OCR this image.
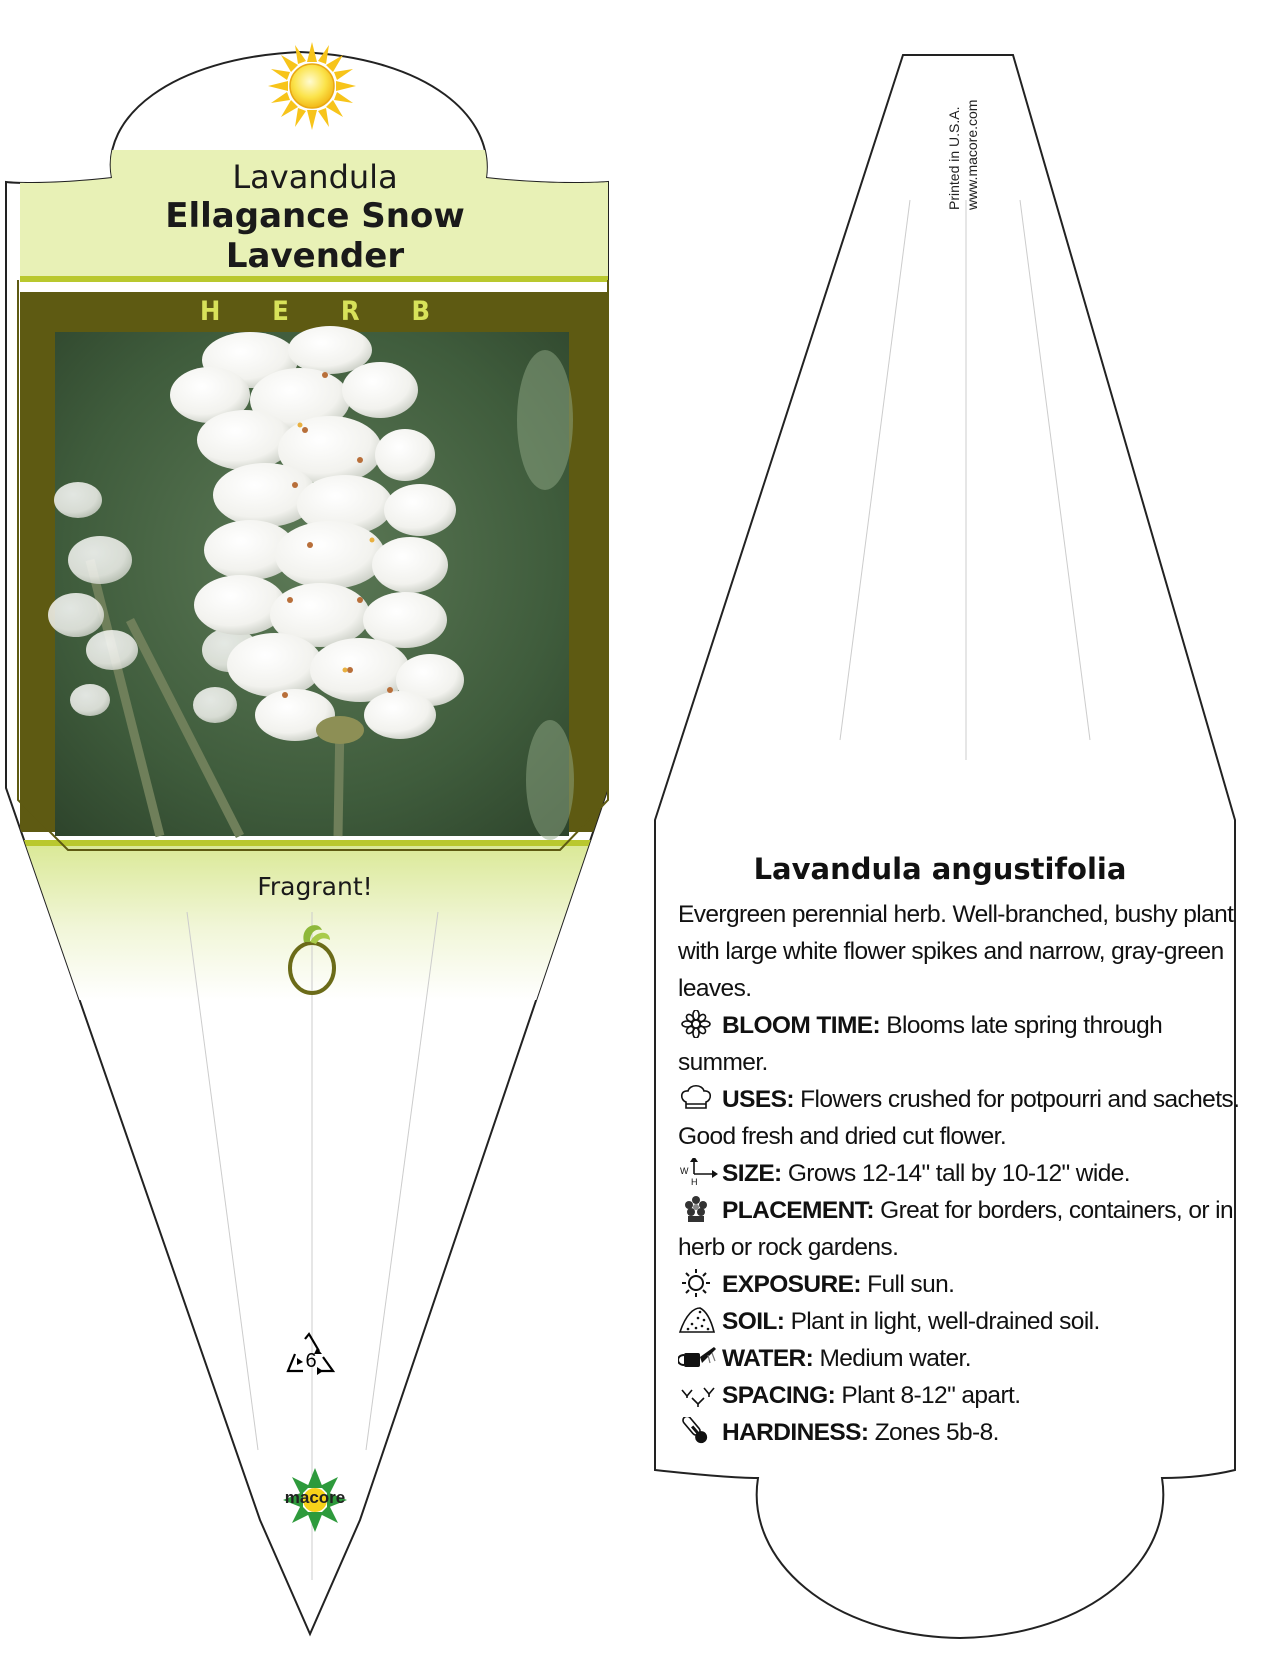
Lavandula
Ellagance Snow
Lavender
H E R B
Fragrant!
6
macore
Printed in U.S.A. www.macore.com
Lavandula angustifolia

Evergreen perennial herb. Well-branched, bushy plant with large white flower spikes and narrow, gray-green leaves.

BLOOM TIME: Blooms late spring through summer.

USES: Flowers crushed for potpourri and sachets. Good fresh and dried cut flower.

W
H SIZE: Grows 12-14" tall by 10-12" wide.

PLACEMENT: Great for borders, containers, or in herb or rock gardens.

EXPOSURE: Full sun.

SOIL: Plant in light, well-drained soil.

WATER: Medium water.

SPACING: Plant 8-12" apart.

HARDINESS: Zones 5b-8.
